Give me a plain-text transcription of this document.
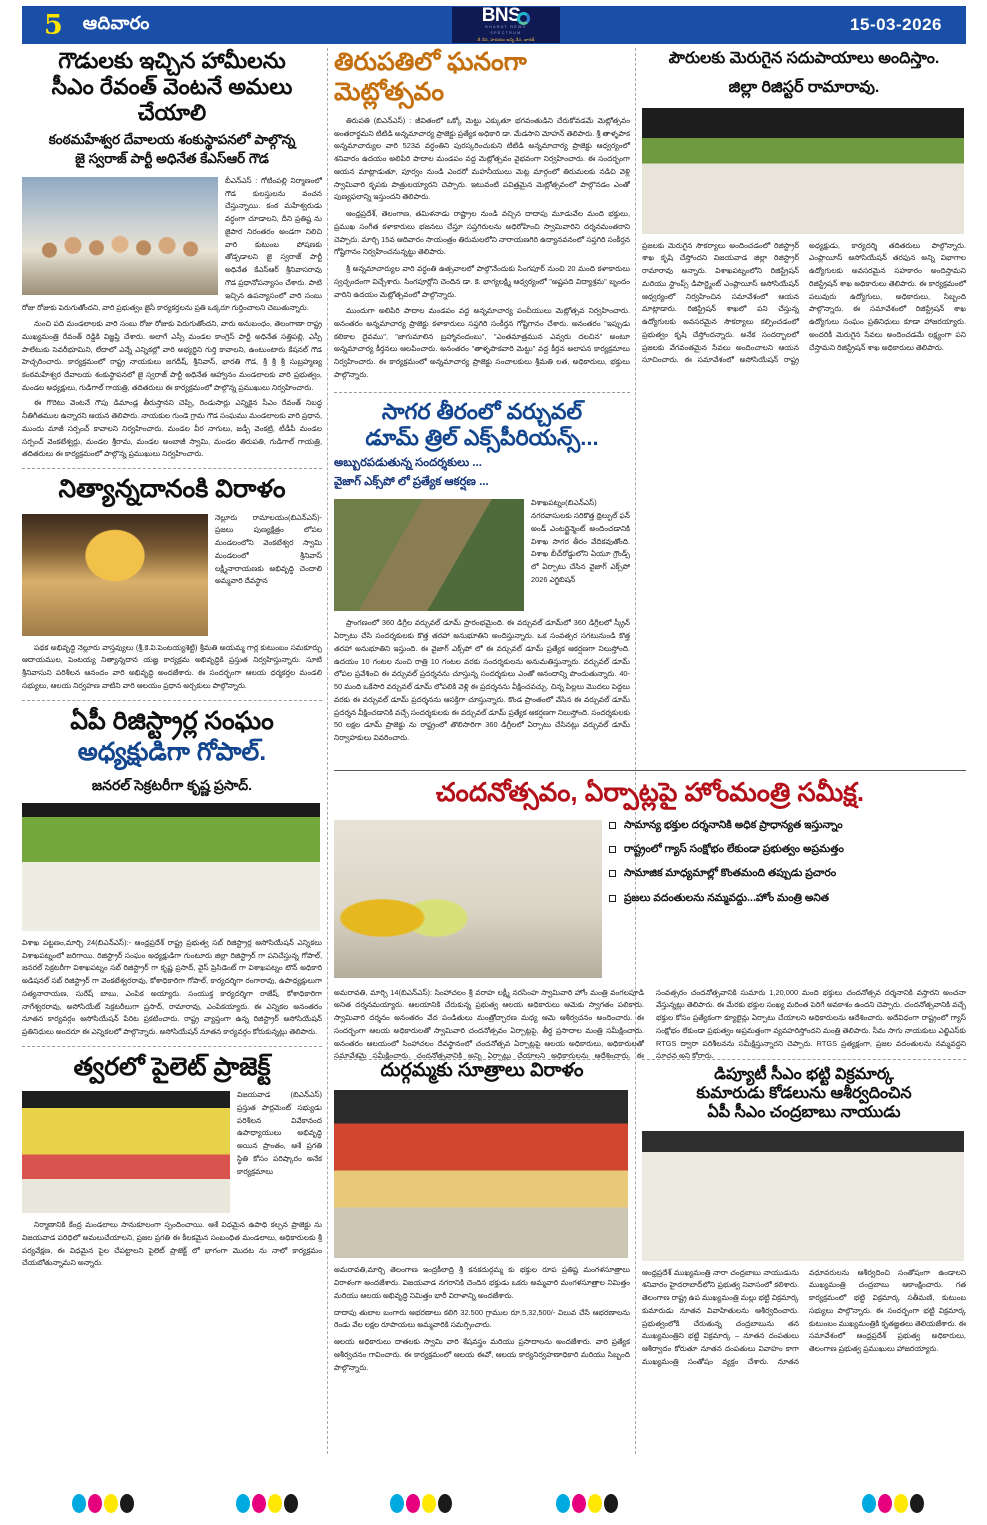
5 ఆదివారం	BNS
BHARAT NEWS
SPECTRUM
దే నేస, హదయం అన్ని నేస, భారత్
15-03-2026
గౌడులకు ఇచ్చిన హామీలను
సీఎం రేవంత్ వెంటనే అమలు చేయాలి
కంఠమహేశ్వర దేవాలయ శంకుస్థాపనలో పాల్గొన్న
జై స్వరాజ్ పార్టీ అధినేత కేఎస్ఆర్ గౌడ
బీఎన్ఎస్ : గోటింపల్లి నిర్మాణంలో గౌడ కులస్తులను వంచన చేస్తున్నాయి. కంఠ మహేశ్వరుడు వర్ధంగా చూడాలని, దీని ప్రతిష్ట ను జైపార నిరంతరం అండగా నిలిచి వారి కుటుంబ పోషణకు తోడ్పడాలని జై స్వరాజ్ పార్టీ అధినేత కేఎస్ఆర్ శ్రీనివాసరావు గౌడ ప్రధానోపన్యాసం చేశారు. పాటి ఇచ్చిన ఉపన్యాసంలో వారి సంబు రోజు రోజుకు పెరుగుతోందని, వారి ప్రభుత్వం జైసీ కార్యకర్తలను ప్రతి ఒక్కరూ గుర్తించాలని చెబుతున్నారు.
నుంచి పది మండలాలకు వారి సంబు రోజు రోజుకు పెరుగుతోందని, వారు అనుబంధం, తెలంగాణా రాష్ట్ర ముఖ్యమంత్రి రేవంత్ రెడ్డికి విజ్ఞప్తి చేశారు. అలాగే ఎస్సీ మండల కాంగ్రెస్ పార్టీ అధినేత సత్తిపల్లి, ఎస్సీ పాలేటుకు సెవరీభూమిని, లేదాలో ఎన్నే ఎన్నికల్లో వారి అభ్యర్థిని గుర్తి కావాలని, ఉంటుంటారు కేషనల్ గౌడ హెచ్చరించారు. కార్యక్రమంలో రాష్ట్ర నాయకులు జగదీష్, శ్రీనివాస్, భారతి గౌడ, శ్రీ శ్రీ శ్రీ సుబ్రహ్మణ్య కంఠమహేశ్వర దేవాలయ శంకుస్థాపనలో జై స్వరాజ్ పార్టీ అధినేత ఆహ్వానం మండలాలకు వారి ప్రభుత్వం, మండల అధ్యక్షులు, గుడిగాల్ గాయత్రి, తదితరులు ఈ కార్యక్రమంలో పాల్గొన్న ప్రముఖులు నిర్వహించారు.
ఈ గొరెటు వెంటనే గౌపు డిమాండ్ల తీరుస్తానని చెప్పి, రెండుసార్లు ఎన్నికైన సీఎం రేవంత్ నిబద్ధ నీతిగీతముల ఉన్నారని ఆయన తెలిపారు. నాయకుల గుండె గ్రామ గౌడ సంఘము మండలాలకు వారి ప్రధాన, ముందు మాజీ సర్పంచ్ కావాలని నిర్వహించారు. మండల వీర నాగులు, జడ్పీ వెంకట్రి, టీడీపీ మండల సర్పంచ్ వెంకటేశ్వర్లు, మండల శ్రీరామ, మండల అంబాజీ స్వామి, మండల తిరుపతి, గుడిగాల్ గాయత్రి, తదితరులు ఈ కార్యక్రమంలో పాల్గొన్న ప్రముఖులు నిర్వహించారు.
నిత్యాన్నదానంకి విరాళం
నెల్లూరు రామాలయం(బిఎన్ఎస్)- ప్రజలు పుణ్యక్షేత్రం లోపల మండలంలోని వెంకటేశ్వర స్వామి మండలంలో శ్రీనివాస్ లక్ష్మీనారాయణకు అభివృద్ధి చెందాలి అమ్మవారి దేవస్థాన
పథక అభివృద్ధి నెల్లూరు వాస్తవ్యులు (శ్రీ.కె.వి.పెంటయ్యశెట్టి) శ్రీమతి అయమ్మ గార్ల కుటుంబం సమకూర్చు ఆదాయముల, పెంటయ్య నిత్యాన్నదాన యజ్ఞ కార్యక్రమ అభివృద్ధికి ప్రస్తుత నిర్వహిస్తున్నారు. సూటి శ్రీనివాసుని పరిశీలన ఆనందం వారి అభివృద్ధి అందజేశారు. ఈ సందర్భంగా ఆలయ ధర్మకర్తల మండలి సభ్యులు, ఆలయ నిర్వహణ వాటిని వారి ఆలయం ప్రధాన అర్చకులు పాల్గొన్నారు.
ఏపీ రిజిస్ట్రార్ల సంఘం
అధ్యక్షుడిగా గోపాల్.
జనరల్ సెక్రటరీగా కృష్ణ ప్రసాద్.
విశాఖ పట్టణం,మార్చి 24(బిఎన్ఎస్):- ఆంధ్రప్రదేశ్ రాష్ట్ర ప్రభుత్వ సబ్ రిజిస్ట్రార్ల అసోసియేషన్ ఎన్నికలు విశాఖపట్నంలో జరిగాయి. రిజిస్ట్రార్ సంఘం అధ్యక్షుడిగా గుంటూరు జిల్లా రిజిస్ట్రార్ గా పనిచేస్తున్న గోపాల్, జనరల్ సెక్రటరీగా విశాఖపట్నం సబ్ రిజిస్ట్రార్ గా కృష్ణ ప్రసాద్, వైస్ ప్రెసిడెంట్ గా విశాఖపట్నం టౌన్ అధికారి అడిషనల్ సబ్ రిజిస్ట్రార్ గా వెంకటేశ్వరరావు, కోశాధికారిగా గోపాల్, కార్యదర్శిగా రంగారావు, ఉపాధ్యక్షులుగా సత్యనారాయణ, సురేష్ బాబు, ఎంపిక అయ్యారు. సంయుక్త కార్యదర్శిగా రాజేష్, కోశాధికారిగా నాగేశ్వరరావు, అసోసియేట్ సెక్రటరీలుగా ప్రసాద్, రామారావు, ఎంపికయ్యారు. ఈ ఎన్నికల అనంతరం నూతన కార్యవర్గం అసోసియేషన్ పేరిట ప్రకటించారు. రాష్ట్ర వ్యాప్తంగా ఉన్న రిజిస్ట్రార్ అసోసియేషన్ ప్రతినిధులు అందరూ ఈ ఎన్నికలలో పాల్గొన్నారు. అసోసియేషన్ నూతన కార్యవర్గం కోరుకున్నట్లు తెలిపారు.
త్వరలో పైలెట్ ప్రాజెక్ట్
విజయవాడ (బిఎన్ఎస్) ప్రస్తుత పార్లమెంట్ సభ్యుడు పరిశీలన వివేకానంద ఉపాధ్యాయులు అభివృద్ధి అయిన ప్రాంతం, ఆశే ప్రగతి స్థితి కోసం పరిష్కారం అనేక కార్యక్రమాలు
నిర్మాణానికి కేంద్ర మండలాలు సానుకూలంగా స్పందించాయి. ఆశే విధమైన ఉపాధి కల్పన ప్రాజెక్టు ను విజయవాడ పరిధిలో అమలుచేయాలని, ప్రజల ప్రగతి ఈ కీలకమైన సంబంధిత మండలాలు, అధికారులకు శ్రీ పర్యవేక్షణ, ఈ విధమైన పైల చేపట్టాలని పైలెట్ ప్రాజెక్ట్ లో భాగంగా మొదట ను నాలో కార్యక్రమం చేయబోతున్నామని అన్నారు.
తిరుపతిలో ఘనంగా మెట్లోత్సవం
తిరుపతి (బిఎన్ఎస్) : జీవితంలో ఒక్కో మెట్టు ఎక్కుతూ భగవంతుడిని చేరుకోవడమే మెట్లోత్సవం అంతరార్థమని టిటిడి అన్నమాచార్య ప్రాజెక్టు ప్రత్యేక అధికారి డా. మేడసాని మోహన్ తెలిపారు. శ్రీ తాళ్ళపాక అన్నమాచార్యుల వారి 523వ వర్ధంతిని పురస్కరించుకుని టిటిడి అన్నమాచార్య ప్రాజెక్టు ఆధ్వర్యంలో శనివారం ఉదయం అలిపిరి పాదాల మండపం వద్ద మెట్లోత్సవం వైభవంగా నిర్వహించారు. ఈ సందర్భంగా ఆయన మాట్లాడుతూ, పూర్వం నుండి ఎందరో మహనీయులు మెట్ల మార్గంలో తిరుమలకు నడిచి వెళ్లి స్వామివారి కృపకు పాత్రులయ్యారని చెప్పారు. ఇటువంటి పవిత్రమైన మెట్లోత్సవంలో పాల్గొనడం ఎంతో పుణ్యఫలాన్ని ఇస్తుందని తెలిపారు.
ఆంధ్రప్రదేశ్, తెలంగాణ, తమిళనాడు రాష్ట్రాల నుండి వచ్చిన దాదాపు మూడువేల మంది భక్తులు, ప్రముఖ సంగీత కళాకారులు భజనలు చేస్తూ సప్తగిరులను అధిరోహించి స్వామివారిని దర్శనమంతరాని చెప్పారు. మార్చి 15వ ఆదివారం సాయంత్రం తిరుమలలోని నారాయణగిరి ఉద్యానవనంలో సప్తగిరి సంకీర్తన గోష్టిగానం నిర్వహించనున్నట్టు తెలిపారు.
శ్రీ అన్నమాచార్యుల వారి వర్ధంతి ఉత్సవాలలో పాల్గొనేందుకు సింగపూర్ నుంచి 20 మంది కళాకారులు స్వచ్ఛందంగా విచ్చేశారు. సింగపూర్లోని చెందిన డా. కె. భాగ్యలక్ష్మి ఆధ్వర్యంలో "అష్టపది విద్యాశ్రమ" బృందం వారిని ఉదయం మెట్లోత్సవంలో పాల్గొన్నారు.
ముందుగా అలిపిరి పాదాల మండపం వద్ద అన్నమాచార్య పంచీయులు మెట్లోత్సవ నిర్వహించారు. అనంతరం అన్నమాచార్య ప్రాజెక్టు కళాకారులు సప్తగిరి సంకీర్తన గోష్టిగానం చేశారు. అనంతరం "ఇప్పుడు కలికాల దైవము", "జాగుమాలిన బ్రహ్మానందంబు", "ఎంతమాత్రమున ఎవ్వరు దలచిన" అంటూ అన్నమాచార్య కీర్తనలు ఆలపించారు. అనంతరం "తాళ్ళపాకవారి మెట్టు" వద్ద కీర్తన అలాపన కార్యక్రమాలు నిర్వహించారు. ఈ కార్యక్రమంలో అన్నమాచార్య ప్రాజెక్టు సంచాలకులు శ్రీమతి లత, అధికారులు, భక్తులు పాల్గొన్నారు.
సాగర తీరంలో వర్చువల్
డూమ్ త్రిల్ ఎక్స్‌పీరియన్స్...
అబ్బురపడుతున్న సందర్శకులు ...
వైజాగ్ ఎక్స్‌పో లో ప్రత్యేక ఆకర్షణ ...
విశాఖపట్నం(బిఎన్ఎస్) నగరవాసులకు సరికొత్త థ్రిల్ఫుల్ ఫన్ అండ్ ఎంటర్టైన్మెంట్ అందించడానికి విశాఖ సాగర తీరం వేదికవుతోంది. విశాఖ బీచ్‌రోడ్డులోని ఏయూ గ్రౌండ్స్ లో ఏర్పాటు చేసిన వైజాగ్ ఎక్స్‌పో 2026 ఎగ్జిబిషన్
ప్రాంగణంలో 360 డిగ్రీల వర్చువల్ డూమ్ ప్రారంభమైంది. ఈ వర్చువల్ డూమ్‌లో 360 డిగ్రీలలో స్క్రీన్ ఏర్పాటు చేసి సందర్శకులకు కొత్త తరహా అనుభూతిని అందిస్తున్నారు. ఒక సంవత్సర సగటునుండి కొత్త తరహా అనుభూతిని ఇస్తుంది. ఈ వైజాగ్ ఎక్స్‌పో లో ఈ వర్చువల్ డూమ్ ప్రత్యేక ఆకర్షణగా నిలుస్తోంది. ఉదయం 10 గంటల నుంచి రాత్రి 10 గంటల వరకు సందర్శకులను అనుమతిస్తున్నారు. వర్చువల్ డూమ్ లోపల ప్రవేశించి ఈ వర్చువల్ ప్రదర్శనను చూస్తున్న సందర్శకులు ఎంతో ఆనందాన్ని పొందుతున్నారు. 40-50 మంది ఒకేసారి వర్చువల్ డూమ్ లోపలికి వెళ్లి ఈ ప్రదర్శనను వీక్షించవచ్చు. చిన్న పిల్లలు మొదలు పెద్దలు వరకు ఈ వర్చువల్ డూమ్ ప్రదర్శనను ఆసక్తిగా చూస్తున్నారు. కొండ ప్రాంతంలో వేసిన ఈ వర్చువల్ డూమ్ ప్రదర్శన వీక్షించడానికి వచ్చే సందర్శకులకు ఈ వర్చువల్ డూమ్ ప్రత్యేక ఆకర్షణగా నిలుస్తోంది. సందర్శకులకు 50 లక్షల డూమ్ ప్రాజెక్టు ను రాష్ట్రంలో తొలిసారిగా 360 డిగ్రీలలో ఏర్పాటు చేసినట్లు వర్చువల్ డూమ్ నిర్వాహకులు వివరించారు.
పౌరులకు మెరుగైన సదుపాయాలు అందిస్తాం.
జిల్లా రిజిస్టర్ రామారావు.
ప్రజలకు మెరుగైన సౌకర్యాలు అందించడంలో రిజిస్ట్రార్ శాఖ కృషి చేస్తోందని విజయవాడ జిల్లా రిజిస్ట్రార్ రామారావు అన్నారు. విశాఖపట్నంలోని రిజిస్ట్రేషన్ మరియు స్టాంప్స్ డిపార్ట్మెంట్ ఎంప్లాయీస్ అసోసియేషన్ ఆధ్వర్యంలో నిర్వహించిన సమావేశంలో ఆయన మాట్లాడారు. రిజిస్ట్రేషన్ శాఖలో పని చేస్తున్న ఉద్యోగులకు అవసరమైన సౌకర్యాలు కల్పించడంలో ప్రభుత్వం కృషి చేస్తోందన్నారు. అనేక సందర్భాలలో ప్రజలకు వేగవంతమైన సేవలు అందించాలని ఆయన సూచించారు. ఈ సమావేశంలో అసోసియేషన్ రాష్ట్ర అధ్యక్షుడు, కార్యదర్శి తదితరులు పాల్గొన్నారు. ఎంప్లాయీస్ అసోసియేషన్ తరఫున అన్ని విభాగాల ఉద్యోగులకు అవసరమైన సహకారం అందిస్తామని రిజిస్ట్రేషన్ శాఖ అధికారులు తెలిపారు. ఈ కార్యక్రమంలో పలువురు ఉద్యోగులు, అధికారులు, సిబ్బంది పాల్గొన్నారు. ఈ సమావేశంలో రిజిస్ట్రేషన్ శాఖ ఉద్యోగులు సంఘం ప్రతినిధులు కూడా హాజరయ్యారు. అందరికీ మెరుగైన సేవలు అందించడమే లక్ష్యంగా పని చేస్తామని రిజిస్ట్రేషన్ శాఖ అధికారులు తెలిపారు.
చందనోత్సవం, ఏర్పాట్లపై హోంమంత్రి సమీక్ష.
సామాన్య భక్తుల దర్శనానికి అధిక ప్రాధాన్యత ఇస్తున్నాం
రాష్ట్రంలో గ్యాస్ సంక్షోభం లేకుండా ప్రభుత్వం అప్రమత్తం
సామాజిక మాధ్యమాల్లో కొంతమంది తప్పుడు ప్రచారం
ప్రజలు వదంతులను నమ్మవద్దు...హోం మంత్రి అనిత
అమరావతి, మార్చి 14(బిఎన్ఎస్): సింహాచలం శ్రీ వరాహ లక్ష్మీ నరసింహ స్వామివారి హోం మంత్రి వంగలపూడి అనిత దర్శనమయ్యారు. ఆలయానికి చేరుకున్న ప్రభుత్వ ఆలయ అధికారులు ఆమెకు స్వాగతం పలికారు. స్వామివారి దర్శనం అనంతరం వేద పండితులు మంత్రోచ్ఛారణ మధ్య ఆమె ఆశీర్వచనం అందించారు. ఈ సందర్భంగా ఆలయ అధికారులతో స్వామివారి చందనోత్సవం ఏర్పాట్లపై, తీర్థ ప్రసాదాల మంత్రి సమీక్షించారు. అనంతరం ఆలయంలో సింహాచలం దేవస్థానంలో చందనోత్సవ ఏర్పాట్లపై ఆలయ అధికారులు, అధికారులతో సమావేశమై సమీక్షించారు. చందనోత్సవానికి అన్ని ఏర్పాట్లు చేయాలని అధికారులను ఆదేశించారు. ఈ సంవత్సరం చందనోత్సవానికి సుమారు 1,20,000 మంది భక్తులు చందనోత్సవ దర్శనానికి వస్తారని అంచనా వేస్తున్నట్లు తెలిపారు. ఈ మేరకు భక్తుల సంఖ్య మరింత పెరిగే అవకాశం ఉందని చెప్పారు. చందనోత్సవానికి వచ్చే భక్తుల కోసం ప్రత్యేకంగా క్యూలైన్లు ఏర్పాటు చేయాలని అధికారులను ఆదేశించారు. అదేవిధంగా రాష్ట్రంలో గ్యాస్ సంక్షోభం లేకుండా ప్రభుత్వం అప్రమత్తంగా వ్యవహరిస్తోందని మంత్రి తెలిపారు. సీమ సాగు నాయకులు ఎల్జిఎస్‌కు RTGS ద్వారా పరిశీలనను సమీక్షిస్తున్నారని చెప్పారు. RTGS ప్రత్యక్షంగా, ప్రజల వదంతులను నమ్మవద్దని సూచన అని కోరారు.
డిప్యూటీ సీఎం భట్టి విక్రమార్క
కుమారుడు కోడలును ఆశీర్వదించిన
ఏపీ సీఎం చంద్రబాబు నాయుడు
ఆంధ్రప్రదేశ్ ముఖ్యమంత్రి నారా చంద్రబాబు నాయుడును శనివారం హైదరాబాద్‌లోని ప్రభుత్వ నివాసంలో కలిశారు. తెలంగాణ రాష్ట్ర ఉప ముఖ్యమంత్రి మల్లు భట్టి విక్రమార్క కుమారుడు నూతన వివాహితులను ఆశీర్వదించారు. ప్రభుత్వంలోకి చేరుతున్న చంద్రబాబును తన ముఖ్యమంత్రిని భట్టి విక్రమార్క – నూతన దంపతులు ఆశీర్వాదం కోరుతూ నూతన దంపతులు వివాహం కాగా ముఖ్యమంత్రి సంతోషం వ్యక్తం చేశారు. నూతన వధూవరులను ఆశీర్వదించి సంతోషంగా ఉండాలని ముఖ్యమంత్రి చంద్రబాబు ఆకాంక్షించారు. గత కార్యక్రమంలో భట్టి విక్రమార్క సతీమణి, కుటుంబ సభ్యులు పాల్గొన్నారు. ఈ సందర్భంగా భట్టి విక్రమార్క కుటుంబం ముఖ్యమంత్రికి కృతజ్ఞతలు తెలియజేశారు. ఈ సమావేశంలో ఆంధ్రప్రదేశ్ ప్రభుత్వ అధికారులు, తెలంగాణ ప్రభుత్వ ప్రముఖులు హాజరయ్యారు.
దుర్గమ్మకు సూత్రాలు విరాళం
అమరావతి,మార్చి తెలంగాణ ఇంద్రకీలాద్రి శ్రీ కనకదుర్గమ్మ కు భక్తుల రూప ప్రతిష్ట మంగళసూత్రాలు విరాళంగా అందజేశారు. విజయవాడ నగరానికి చెందిన భక్తుడు ఒకరు అమ్మవారి మంగళసూత్రాల నిమిత్తం మరియు ఆలయ అభివృద్ధి నిమిత్తం భారీ విరాళాన్ని అందజేశారు.
దాదాపు తులాల బంగారు ఆభరణాలు కలిగి 32.500 గ్రాముల రూ.5,32,500/- విలువ చేసే ఆభరణాలను రెండు వేల లక్షల రూపాయలు అమ్మవారికి సమర్పించారు.
ఆలయ అధికారులు దాతలకు స్వామి వారి శేషవస్త్రం మరియు ప్రసాదాలను అందజేశారు. వారి ప్రత్యేక ఆశీర్వచనం గావించారు. ఈ కార్యక్రమంలో ఆలయ ఈవో, ఆలయ కార్యనిర్వహణాధికారి మరియు సిబ్బంది పాల్గొన్నారు.
